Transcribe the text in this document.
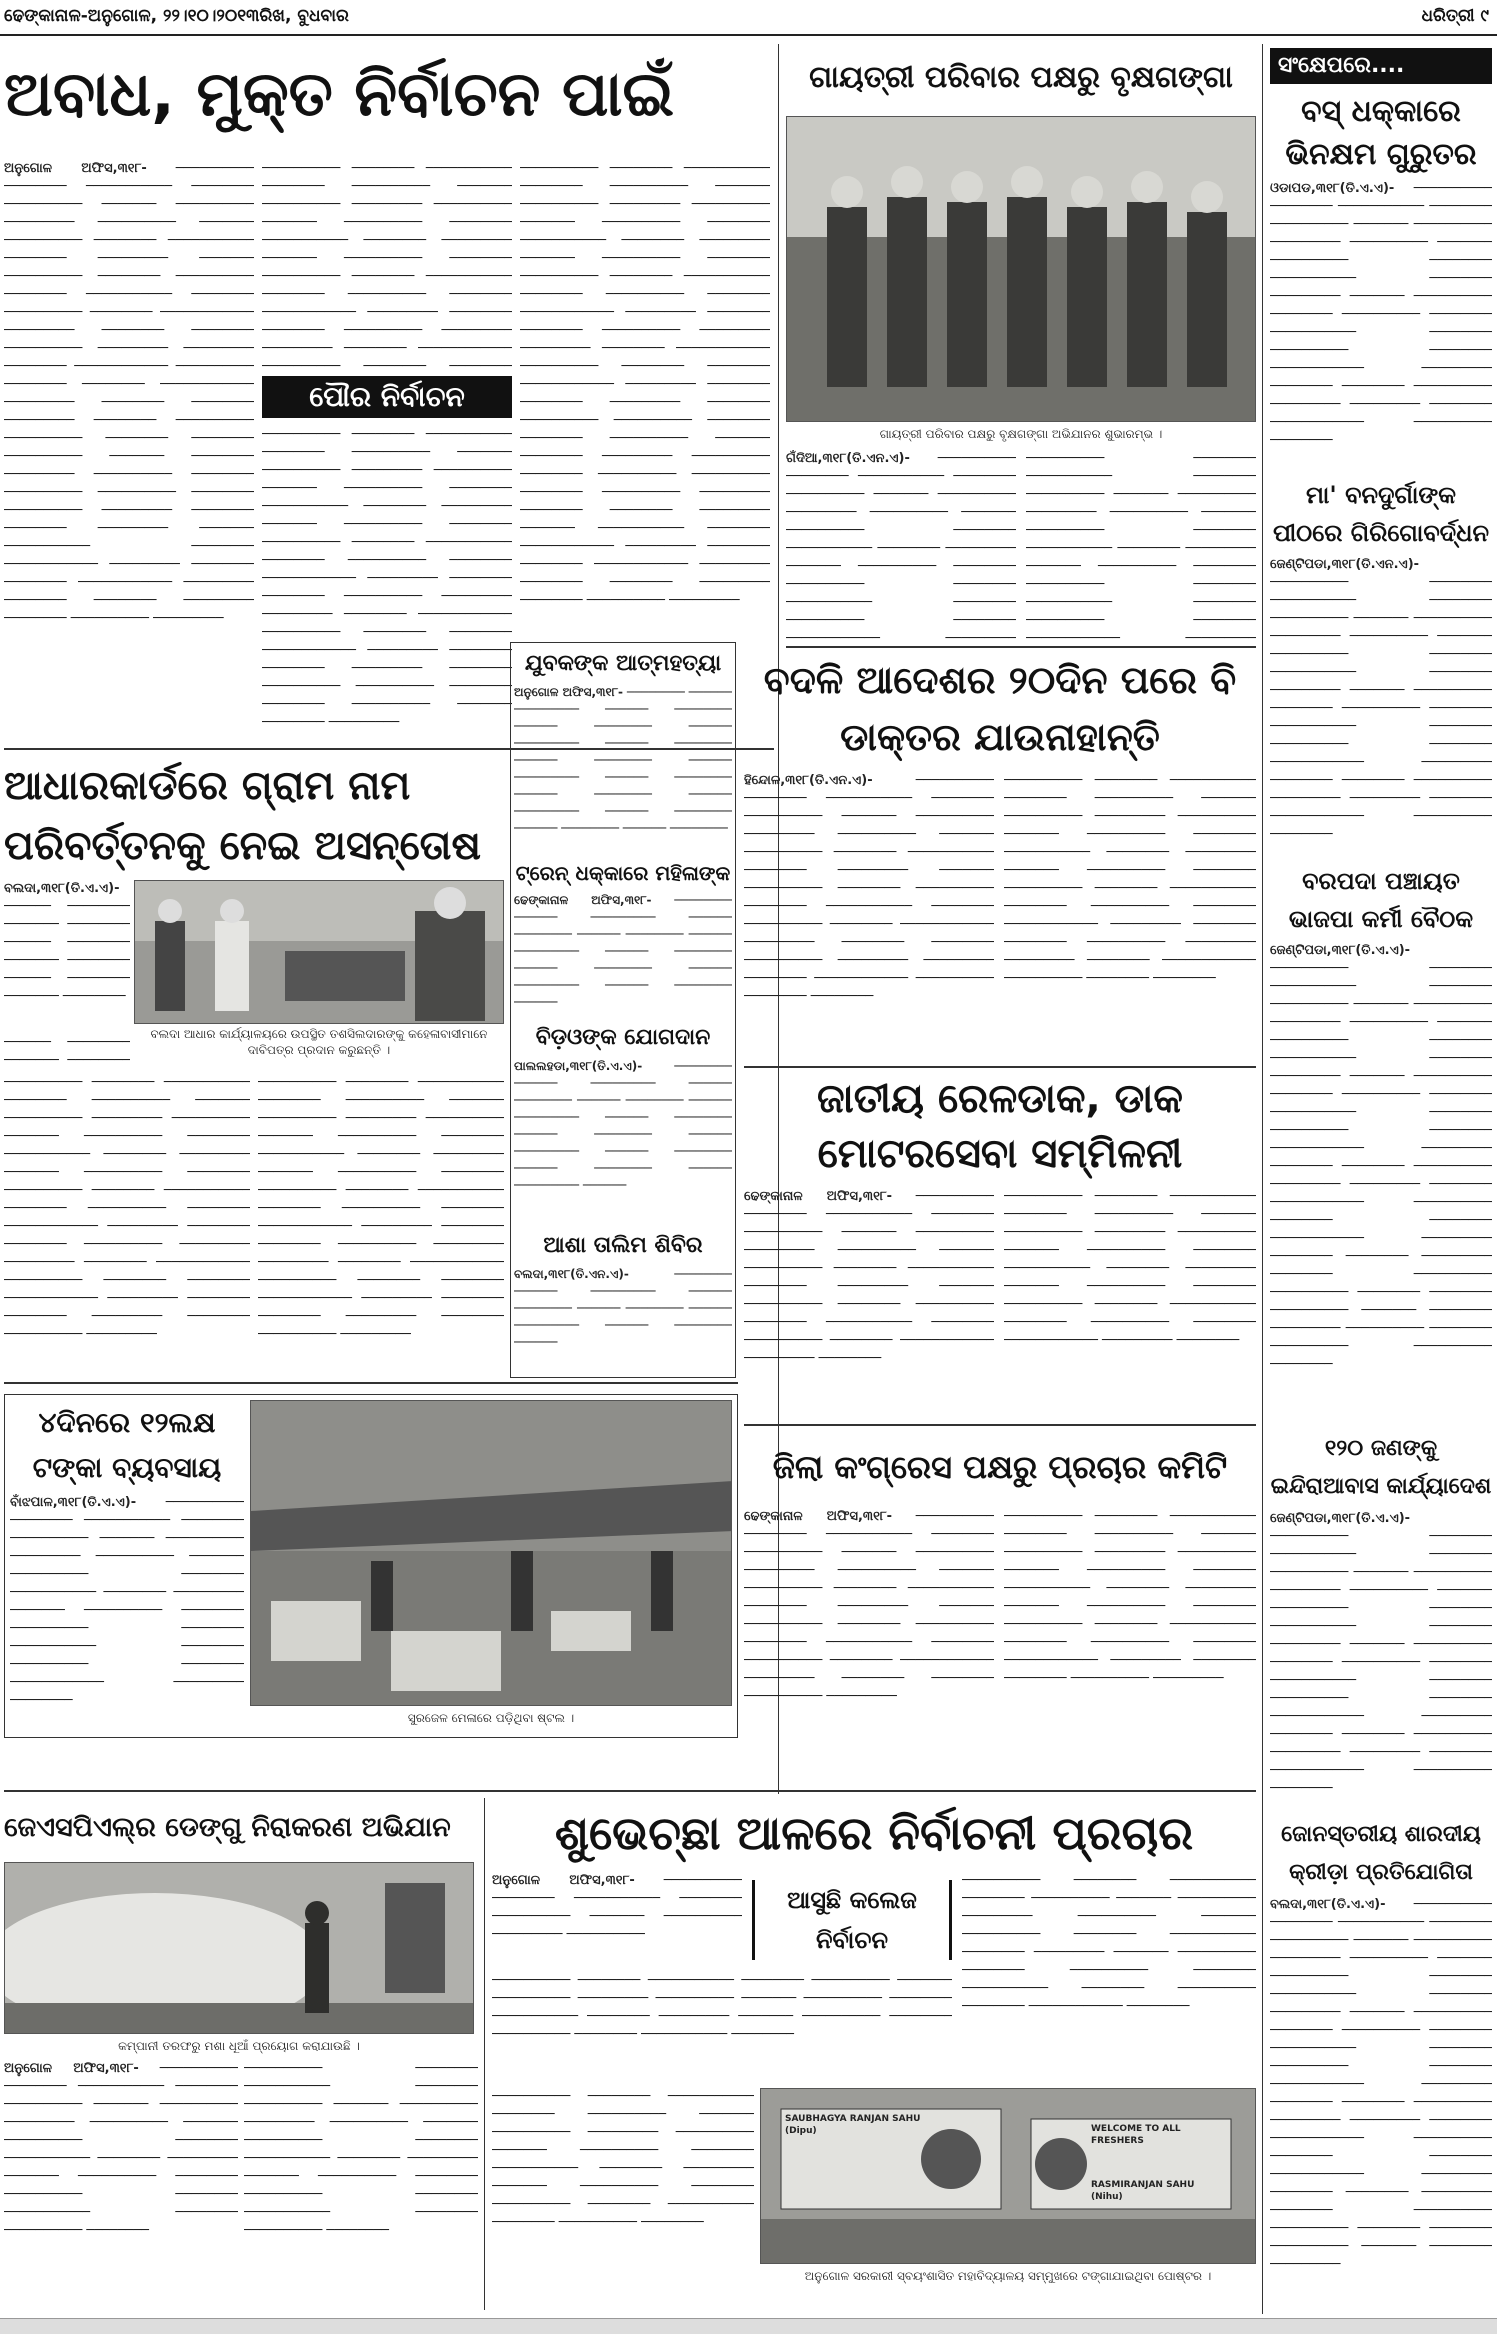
ଢେଙ୍କାନାଳ-ଅନୁଗୋଳ, ୨୨।୧୦।୨୦୧୩ରିଖ, ବୁଧବାର	ଧରିତ୍ରୀ ୯
ଅବାଧ, ମୁକ୍ତ ନିର୍ବାଚନ ପାଇଁ
ଅନୁଗୋଳ ଅଫିସ,୩୧୮- ────────── ──────── ─────────── ──────── ────────── ─────── ────────── ───────── ────────── ─────── ────────── ──────── ─────────── ──────── ───────── ─────── ────────── ──────── ────────── ──────── ─────────── ──────── ────────── ──────── ──────────── ───────── ──────── ──────── ────────── ───────── ───────── ──────── ──────────── ────────── ──────── ──────── ──────────── ───────── ──────── ──────── ───────── ──────── ────────── ────────── ──────── ──────── ────────── ─────── ──────── ───────── ────────── ──────── ────────── ────────── ──────── ────────── ───────── ──────── ──────── ───────── ─────── ─────────── ──────── ──────────── ───────── ──────── ──────── ──────────── ───────── ──────── ──────── ───────── ──────── ────────── ─────────
────────── ──────── ─────────── ──────── ────────── ─────── ────────── ───────── ────────── ─────── ────────── ──────── ─────────── ──────── ───────── ─────── ────────── ──────── ────────── ──────── ─────────── ──────── ────────── ──────── ──────────── ───────── ──────── ──────── ────────── ───────── ───────── ──────── ──────────── ────────── ──────── ────────
ପୌର ନିର୍ବାଚନ
────────── ──────── ─────────── ──────── ────────── ─────── ────────── ───────── ────────── ─────── ────────── ──────── ─────────── ──────── ───────── ─────── ────────── ──────── ────────── ──────── ─────────── ──────── ────────── ──────── ──────────── ───────── ──────── ──────── ────────── ───────── ───────── ──────── ──────────── ────────── ──────── ──────── ──────────── ───────── ──────── ──────── ───────── ──────── ────────── ────────── ──────── ──────── ────────── ─────── ──────── ─────────
────────── ──────── ─────────── ──────── ────────── ─────── ────────── ───────── ────────── ─────── ────────── ──────── ─────────── ──────── ───────── ─────── ────────── ──────── ────────── ──────── ─────────── ──────── ────────── ──────── ──────────── ───────── ──────── ──────── ────────── ───────── ───────── ──────── ──────────── ────────── ──────── ──────── ──────────── ───────── ──────── ──────── ───────── ──────── ────────── ────────── ──────── ──────── ────────── ─────── ──────── ───────── ────────── ──────── ────────── ────────── ──────── ────────── ───────── ──────── ──────── ───────── ─────── ─────────── ──────── ──────────── ───────── ──────── ──────── ──────────── ───────── ──────── ──────── ───────── ──────── ────────── ─────────
ଗାୟତ୍ରୀ ପରିବାର ପକ୍ଷରୁ ବୃକ୍ଷଗଙ୍ଗା
ଗାୟତ୍ରୀ ପରିବାର ପକ୍ଷରୁ ବୃକ୍ଷଗଙ୍ଗା ଅଭିଯାନର ଶୁଭାରମ୍ଭ ।
ଗଁଦିଆ,୩୧୮(ତି.ଏନ.ଏ)- ────────── ──────── ─────────── ──────── ────────── ─────── ────────── ───────── ────────── ─────── ────────── ──────── ─────────── ──────── ───────── ─────── ────────── ──────── ────────── ──────── ─────────── ──────── ────────── ──────── ──────────── ─────────
────────── ──────── ─────────── ──────── ────────── ─────── ────────── ───────── ────────── ─────── ────────── ──────── ─────────── ──────── ───────── ─────── ────────── ──────── ────────── ──────── ─────────── ──────── ────────── ──────── ──────────── ─────────
ସଂକ୍ଷେପରେ....
ବସ୍ ଧକ୍କାରେ ଭିନକ୍ଷମ ଗୁରୁତର
ଓଡାପଡ,୩୧୮(ତି.ଏ.ଏ)- ────────── ──────── ─────────── ──────── ────────── ─────── ────────── ───────── ────────── ─────── ────────── ──────── ─────────── ──────── ───────── ─────── ────────── ──────── ────────── ──────── ─────────── ──────── ────────── ──────── ──────────── ───────── ──────── ──────── ────────── ───────── ───────── ──────── ──────────── ────────── ────────
ମା' ବନଦୁର୍ଗାଙ୍କ ପୀଠରେ ଗିରିଗୋବର୍ଦ୍ଧନ
ଜେଣ୍ଟିପଡା,୩୧୮(ତି.ଏନ.ଏ)- ────────── ──────── ─────────── ──────── ────────── ─────── ────────── ───────── ────────── ─────── ────────── ──────── ─────────── ──────── ───────── ─────── ────────── ──────── ────────── ──────── ─────────── ──────── ────────── ──────── ──────────── ───────── ──────── ──────── ────────── ───────── ───────── ──────── ──────────── ────────── ────────
ବରପଦା ପଞ୍ଚାୟତ ଭାଜପା କର୍ମୀ ବୈଠକ
ଜେଣ୍ଟିପଡା,୩୧୮(ତି.ଏ.ଏ)- ────────── ──────── ─────────── ──────── ────────── ─────── ────────── ───────── ────────── ─────── ────────── ──────── ─────────── ──────── ───────── ─────── ────────── ──────── ────────── ──────── ─────────── ──────── ────────── ──────── ──────────── ───────── ──────── ──────── ────────── ───────── ───────── ──────── ──────────── ────────── ──────── ──────── ──────────── ───────── ──────── ──────── ───────── ──────── ────────── ────────── ──────── ──────── ────────── ─────── ──────── ───────── ────────── ──────── ────────── ────────── ────────
୧୨୦ ଜଣଙ୍କୁ ଇନ୍ଦିରାଆବାସ କାର୍ଯ୍ୟାଦେଶ
ଜେଣ୍ଟିପଡା,୩୧୮(ତି.ଏ.ଏ)- ────────── ──────── ─────────── ──────── ────────── ─────── ────────── ───────── ────────── ─────── ────────── ──────── ─────────── ──────── ───────── ─────── ────────── ──────── ────────── ──────── ─────────── ──────── ────────── ──────── ──────────── ───────── ──────── ──────── ────────── ───────── ───────── ──────── ──────────── ────────── ────────
ଜୋନସ୍ତରୀୟ ଶାରଦୀୟ କ୍ରୀଡ଼ା ପ୍ରତିଯୋଗିତା
ବଲଦା,୩୧୮(ତି.ଏ.ଏ)- ────────── ──────── ─────────── ──────── ────────── ─────── ────────── ───────── ────────── ─────── ────────── ──────── ─────────── ──────── ───────── ─────── ────────── ──────── ────────── ──────── ─────────── ──────── ────────── ──────── ──────────── ───────── ──────── ──────── ────────── ───────── ───────── ──────── ──────────── ────────── ──────── ──────── ──────────── ───────── ──────── ──────── ───────── ──────── ────────── ────────── ──────── ──────── ────────── ─────── ──────── ─────────
ଆଧାରକାର୍ଡରେ ଗ୍ରାମ ନାମ ପରିବର୍ତ୍ତନକୁ ନେଇ ଅସନ୍ତୋଷ
ବଲଦା,୩୧୮(ତି.ଏ.ଏ)- ────── ──────── ─────── ──────── ────── ──────── ─────── ──────── ────── ──────── ─────── ────────
ବଲଦା ଆଧାର କାର୍ଯ୍ୟାଳୟରେ ଉପସ୍ଥିତ ତଶସିଲଦାରଙ୍କୁ କହେଳାବାସୀମାନେ ଦାବିପତ୍ର ପ୍ରଦାନ କରୁଛନ୍ତି ।
────── ──────── ─────── ────────
────────── ──────── ─────────── ──────── ────────── ─────── ────────── ───────── ────────── ─────── ────────── ──────── ─────────── ──────── ───────── ─────── ────────── ──────── ────────── ──────── ─────────── ──────── ────────── ──────── ──────────── ───────── ──────── ──────── ────────── ───────── ───────── ──────── ──────────── ────────── ──────── ──────── ──────────── ───────── ──────── ──────── ───────── ──────── ────────── ─────────
────────── ──────── ─────────── ──────── ────────── ─────── ────────── ───────── ────────── ─────── ────────── ──────── ─────────── ──────── ───────── ─────── ────────── ──────── ────────── ──────── ─────────── ──────── ────────── ──────── ──────────── ───────── ──────── ──────── ────────── ───────── ───────── ──────── ──────────── ────────── ──────── ──────── ──────────── ───────── ──────── ──────── ───────── ──────── ────────── ─────────
ଯୁବକଙ୍କ ଆତ୍ମହତ୍ୟା
ଅନୁଗୋଳ ଅଫିସ,୩୧୮- ──────── ────── ───────── ────── ──────── ────── ──────── ────── ───────── ────── ──────── ────── ──────── ────── ───────── ────── ──────── ────── ──────── ────── ───────── ────── ──────── ────── ──────── ────── ────────
ଟ୍ରେନ୍ ଧକ୍କାରେ ମହିଳାଙ୍କ
ଢେଙ୍କାନାଳ ଅଫିସ,୩୧୮- ──────── ────── ───────── ────── ──────── ────── ──────── ────── ───────── ────── ──────── ────── ──────── ────── ───────── ────── ──────── ──────
ବିଡ଼ଓଙ୍କ ଯୋଗଦାନ
ପାଲଲହଡା,୩୧୮(ତି.ଏ.ଏ)-	──────── ────── ───────── ────── ──────── ────── ──────── ────── ───────── ────── ──────── ────── ──────── ────── ───────── ────── ──────── ────── ──────── ────── ───────── ──────
ଆଶା ତାଲିମ ଶିବିର
ବଲଦା,୩୧୮(ତି.ଏନ.ଏ)-	──────── ────── ───────── ────── ──────── ────── ──────── ────── ───────── ────── ──────── ──────
ବଦଳି ଆଦେଶର ୨୦ଦିନ ପରେ ବି ଡାକ୍ତର ଯାଉନାହାନ୍ତି
ହିନ୍ଦୋଳ,୩୧୮(ତି.ଏନ.ଏ)-	────────── ──────── ─────────── ──────── ────────── ─────── ────────── ───────── ────────── ─────── ────────── ──────── ─────────── ──────── ───────── ─────── ────────── ──────── ────────── ──────── ─────────── ──────── ────────── ──────── ──────────── ───────── ──────── ──────── ────────── ───────── ───────── ──────── ──────────── ────────── ──────── ────────
────────── ──────── ─────────── ──────── ────────── ─────── ────────── ───────── ────────── ─────── ────────── ──────── ─────────── ──────── ───────── ─────── ────────── ──────── ────────── ──────── ─────────── ──────── ────────── ──────── ──────────── ───────── ──────── ──────── ────────── ───────── ───────── ──────── ──────────── ────────── ──────── ────────
ଜାତୀୟ ରେଳଡାକ, ଡାକ ମୋଟରସେବା ସମ୍ମିଳନୀ
ଢେଙ୍କାନାଳ ଅଫିସ,୩୧୮- ────────── ──────── ─────────── ──────── ────────── ─────── ────────── ───────── ────────── ─────── ────────── ──────── ─────────── ──────── ───────── ─────── ────────── ──────── ────────── ──────── ─────────── ──────── ────────── ──────── ──────────── ───────── ────────
────────── ──────── ─────────── ──────── ────────── ─────── ────────── ───────── ────────── ─────── ────────── ──────── ─────────── ──────── ───────── ─────── ────────── ──────── ────────── ──────── ─────────── ──────── ────────── ──────── ──────────── ───────── ────────
୪ଦିନରେ ୧୨ଲକ୍ଷ ଟଙ୍କା ବ୍ୟବସାୟ
ବାଁଝପାଳ,୩୧୮(ତି.ଏ.ଏ)- ────────── ──────── ─────────── ──────── ────────── ─────── ────────── ───────── ────────── ─────── ────────── ──────── ─────────── ──────── ───────── ─────── ────────── ──────── ────────── ──────── ─────────── ──────── ────────── ──────── ──────────── ───────── ────────
ସୁରଜେଳ ମେଳାରେ ପଡ଼ିଥିବା ଷ୍ଟଲ ।
ଜିଲା କଂଗ୍ରେସ ପକ୍ଷରୁ ପ୍ରଚାର କମିଟି
ଢେଙ୍କାନାଳ ଅଫିସ,୩୧୮- ────────── ──────── ─────────── ──────── ────────── ─────── ────────── ───────── ────────── ─────── ────────── ──────── ─────────── ──────── ───────── ─────── ────────── ──────── ────────── ──────── ─────────── ──────── ────────── ──────── ──────────── ───────── ──────── ──────── ────────── ─────────
────────── ──────── ─────────── ──────── ────────── ─────── ────────── ───────── ────────── ─────── ────────── ──────── ─────────── ──────── ───────── ─────── ────────── ──────── ────────── ──────── ─────────── ──────── ────────── ──────── ──────────── ───────── ──────── ──────── ────────── ─────────
ଜେଏସପିଏଲ୍‌ର ଡେଙ୍ଗୁ ନିରାକରଣ ଅଭିଯାନ
କମ୍ପାନୀ ତରଫରୁ ମଶା ଧୂଆଁ ପ୍ରୟୋଗ କରାଯାଉଛି ।
ଅନୁଗୋଳ ଅଫିସ,୩୧୮- ────────── ──────── ─────────── ──────── ────────── ─────── ────────── ───────── ────────── ─────── ────────── ──────── ─────────── ──────── ───────── ─────── ────────── ──────── ────────── ──────── ─────────── ──────── ────────── ────────
────────── ──────── ─────────── ──────── ────────── ─────── ────────── ───────── ────────── ─────── ────────── ──────── ─────────── ──────── ───────── ─────── ────────── ──────── ────────── ──────── ─────────── ──────── ────────── ────────
ଶୁଭେଚ୍ଛା ଆଳରେ ନିର୍ବାଚନୀ ପ୍ରଚାର
ଅନୁଗୋଳ ଅଫିସ,୩୧୮- ────────── ──────── ─────────── ──────── ────────── ─────── ────────── ───────── ──────────
ଆସୁଛି କଲେଜ ନିର୍ବାଚନ
────────── ──────── ─────────── ──────── ────────── ─────── ────────── ───────── ────────── ─────── ────────── ──────── ─────────── ──────── ───────── ─────── ────────── ──────── ────────── ──────── ─────────── ──────── ────────── ──────── ──────────── ────────
────────── ──────── ─────────── ──────── ────────── ─────── ────────── ───────── ────────── ─────── ────────── ──────── ─────────── ──────── ───────── ─────── ────────── ──────── ────────── ──────── ─────────── ────────
SAUBHAGYA RANJAN SAHU (Dipu)	WELCOME TO ALL FRESHERS
RASMIRANJAN SAHU (Nihu)
ଅନୁଗୋଳ ସରକାରୀ ସ୍ବୟଂଶାସିତ ମହାବିଦ୍ୟାଳୟ ସମ୍ମୁଖରେ ଟଙ୍ଗାଯାଇଥିବା ପୋଷ୍ଟର ।
────────── ──────── ─────────── ──────── ────────── ─────── ────────── ───────── ────────── ─────── ────────── ──────── ─────────── ──────── ───────── ─────── ────────── ──────── ────────── ──────── ─────────── ──────── ────────── ────────
